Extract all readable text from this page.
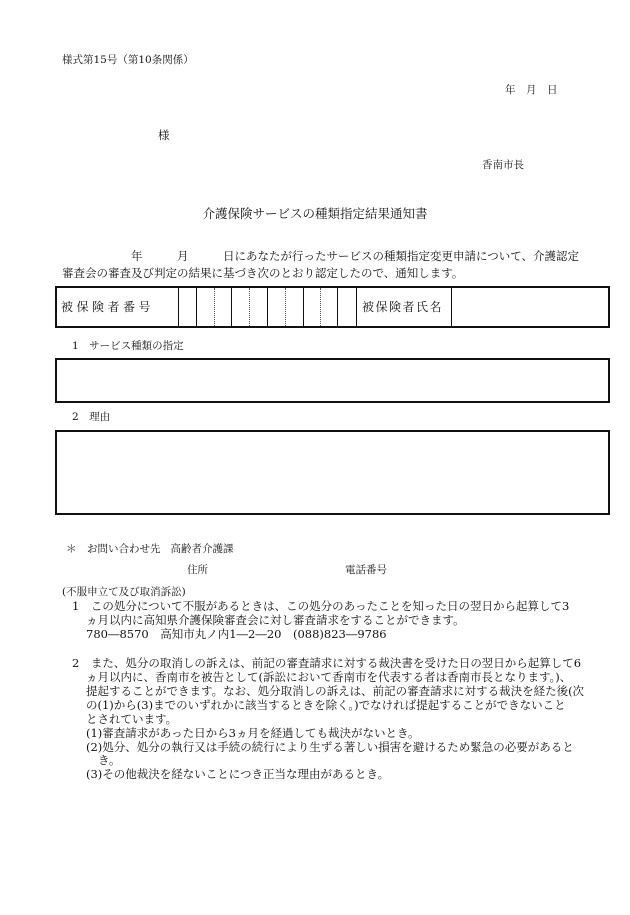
様式第15号（第10条関係）
年　月　日
様
香南市長
介護保険サービスの種類指定結果通知書
　　　　　　年　　　月　　　日にあなたが行ったサービスの種類指定変更申請について、介護認定
審査会の審査及び判定の結果に基づき次のとおり認定したので、通知します。
被保険者番号	被保険者氏名
1　サービス種類の指定
2　理由
＊　お問い合わせ先 高齢者介護課
住所	電話番号
(不服申立て及び取消訴訟)
1　この処分について不服があるときは、この処分のあったことを知った日の翌日から起算して3
ヵ月以内に高知県介護保険審査会に対し審査請求をすることができます。
780―8570　高知市丸ノ内1―2―20　(088)823―9786
2　また、処分の取消しの訴えは、前記の審査請求に対する裁決書を受けた日の翌日から起算して6
ヵ月以内に、香南市を被告として(訴訟において香南市を代表する者は香南市長となります。)、
提起することができます。なお、処分取消しの訴えは、前記の審査請求に対する裁決を経た後(次
の(1)から(3)までのいずれかに該当するときを除く。)でなければ提起することができないこと
とされています。
(1)審査請求があった日から3ヵ月を経過しても裁決がないとき。
(2)処分、処分の執行又は手続の続行により生ずる著しい損害を避けるため緊急の必要があると
き。
(3)その他裁決を経ないことにつき正当な理由があるとき。
